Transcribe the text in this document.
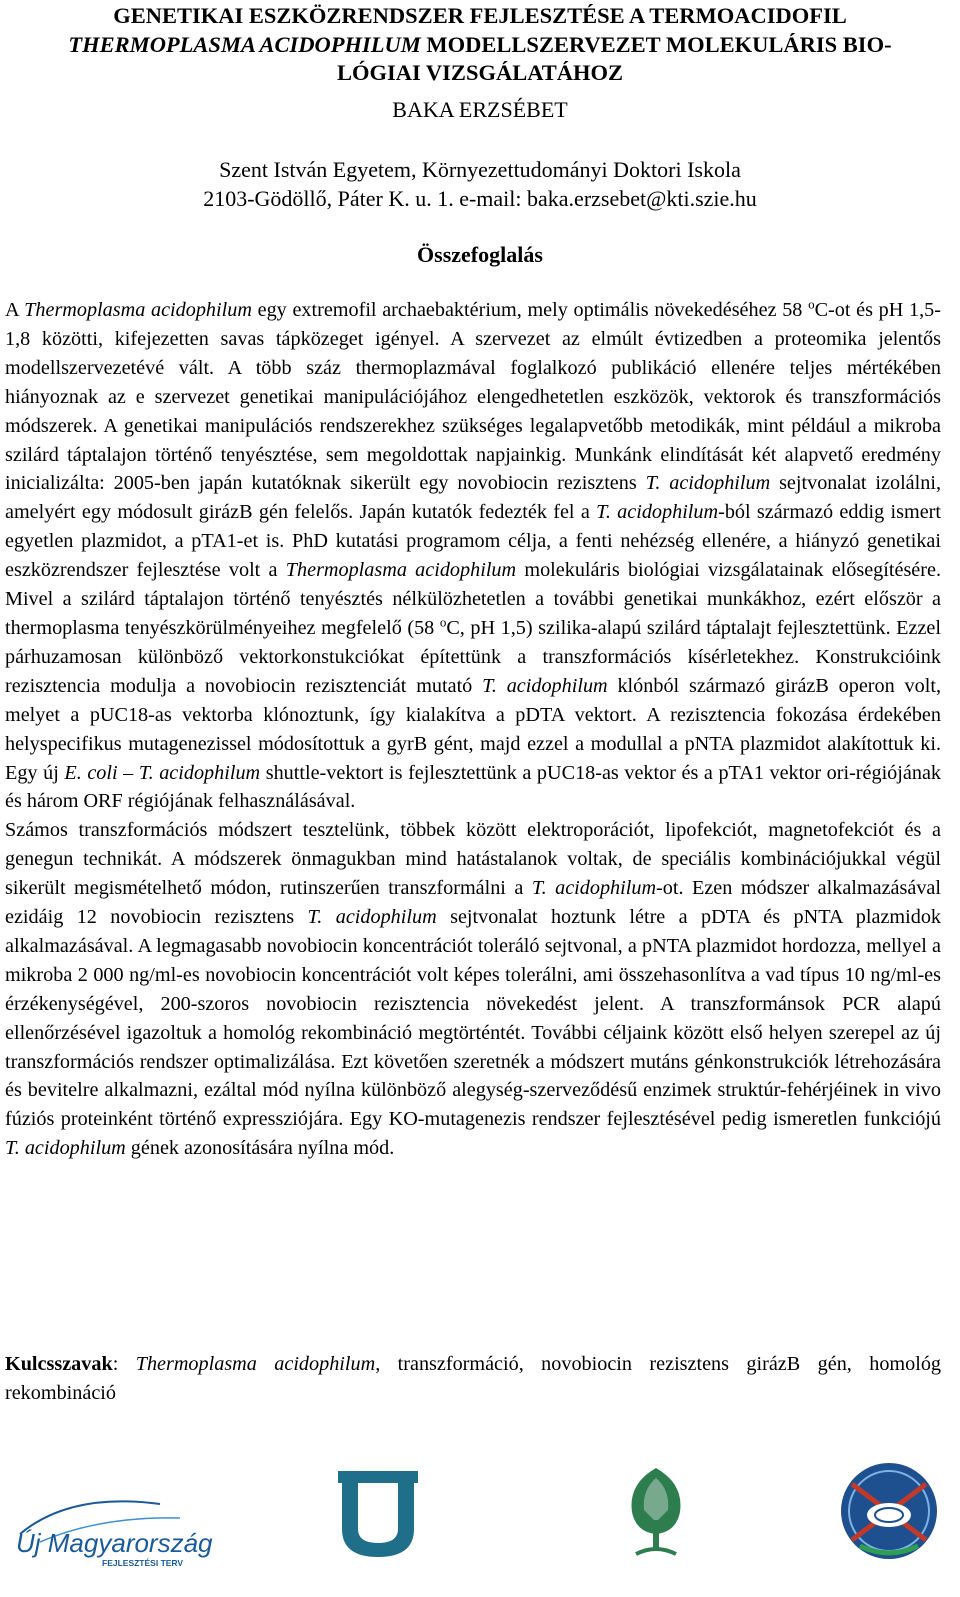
GENETIKAI ESZKÖZRENDSZER FEJLESZTÉSE A TERMOACIDOFIL
THERMOPLASMA ACIDOPHILUM MODELLSZERVEZET MOLEKULÁRIS BIO-
LÓGIAI VIZSGÁLATÁHOZ
BAKA ERZSÉBET
Szent István Egyetem, Környezettudományi Doktori Iskola
2103-Gödöllő, Páter K. u. 1. e-mail: baka.erzsebet@kti.szie.hu
Összefoglalás

A Thermoplasma acidophilum egy extremofil archaebaktérium, mely optimális növekedéséhez 58 $^o$C-ot és pH 1,5-1,8 közötti, kifejezetten savas tápközeget igényel. A szervezet az elmúlt évtizedben a proteomika jelentős modellszervezetévé vált. A több száz thermoplazmával foglalkozó publikáció ellenére teljes mértékében hiányoznak az e szervezet genetikai manipulációjához elengedhetetlen eszközök, vektorok és transzformációs módszerek. A genetikai manipulációs rendszerekhez szükséges legalapvetőbb metodikák, mint például a mikroba szilárd táptalajon történő tenyésztése, sem megoldottak napjainkig. Munkánk elindítását két alapvető eredmény inicializálta: 2005-ben japán kutatóknak sikerült egy novobiocin rezisztens T. acidophilum sejtvonalat izolálni, amelyért egy módosult girázB gén felelős. Japán kutatók fedezték fel a T. acidophilum-ból származó eddig ismert egyetlen plazmidot, a pTA1-et is. PhD kutatási programom célja, a fenti nehézség ellenére, a hiányzó genetikai eszközrendszer fejlesztése volt a Thermoplasma acidophilum molekuláris biológiai vizsgálatainak elősegítésére. Mivel a szilárd táptalajon történő tenyésztés nélkülözhetetlen a további genetikai munkákhoz, ezért először a thermoplasma tenyészkörülményeihez megfelelő (58 $^o$C, pH 1,5) szilika-alapú szilárd táptalajt fejlesztettünk. Ezzel párhuzamosan különböző vektorkonstukciókat építettünk a transzformációs kísérletekhez. Konstrukcióink rezisztencia modulja a novobiocin rezisztenciát mutató T. acidophilum klónból származó girázB operon volt, melyet a pUC18-as vektorba klónoztunk, így kialakítva a pDTA vektort. A rezisztencia fokozása érdekében helyspecifikus mutagenezissel módosítottuk a gyrB gént, majd ezzel a modullal a pNTA plazmidot alakítottuk ki. Egy új E. coli – T. acidophilum shuttle-vektort is fejlesztettünk a pUC18-as vektor és a pTA1 vektor ori-régiójának és három ORF régiójának felhasználásával.

Számos transzformációs módszert tesztelünk, többek között elektroporációt, lipofekciót, magnetofekciót és a genegun technikát. A módszerek önmagukban mind hatástalanok voltak, de speciális kombinációjukkal végül sikerült megismételhető módon, rutinszerűen transzformálni a T. acidophilum-ot. Ezen módszer alkalmazásával ezidáig 12 novobiocin rezisztens T. acidophilum sejtvonalat hoztunk létre a pDTA és pNTA plazmidok alkalmazásával. A legmagasabb novobiocin koncentrációt toleráló sejtvonal, a pNTA plazmidot hordozza, mellyel a mikroba 2 000 ng/ml-es novobiocin koncentrációt volt képes tolerálni, ami összehasonlítva a vad típus 10 ng/ml-es érzékenységével, 200-szoros novobiocin rezisztencia növekedést jelent. A transzformánsok PCR alapú ellenőrzésével igazoltuk a homológ rekombináció megtörténtét. További céljaink között első helyen szerepel az új transzformációs rendszer optimalizálása. Ezt követően szeretnék a módszert mutáns génkonstrukciók létrehozására és bevitelre alkalmazni, ezáltal mód nyílna különböző alegység-szerveződésű enzimek struktúr-fehérjéinek in vivo fúziós proteinként történő expressziójára. Egy KO-mutagenezis rendszer fejlesztésével pedig ismeretlen funkciójú T. acidophilum gének azonosítására nyílna mód.

Kulcsszavak: Thermoplasma acidophilum, transzformáció, novobiocin rezisztens girázB gén, homológ rekombináció
Új Magyarország
FEJLESZTÉSI TERV
